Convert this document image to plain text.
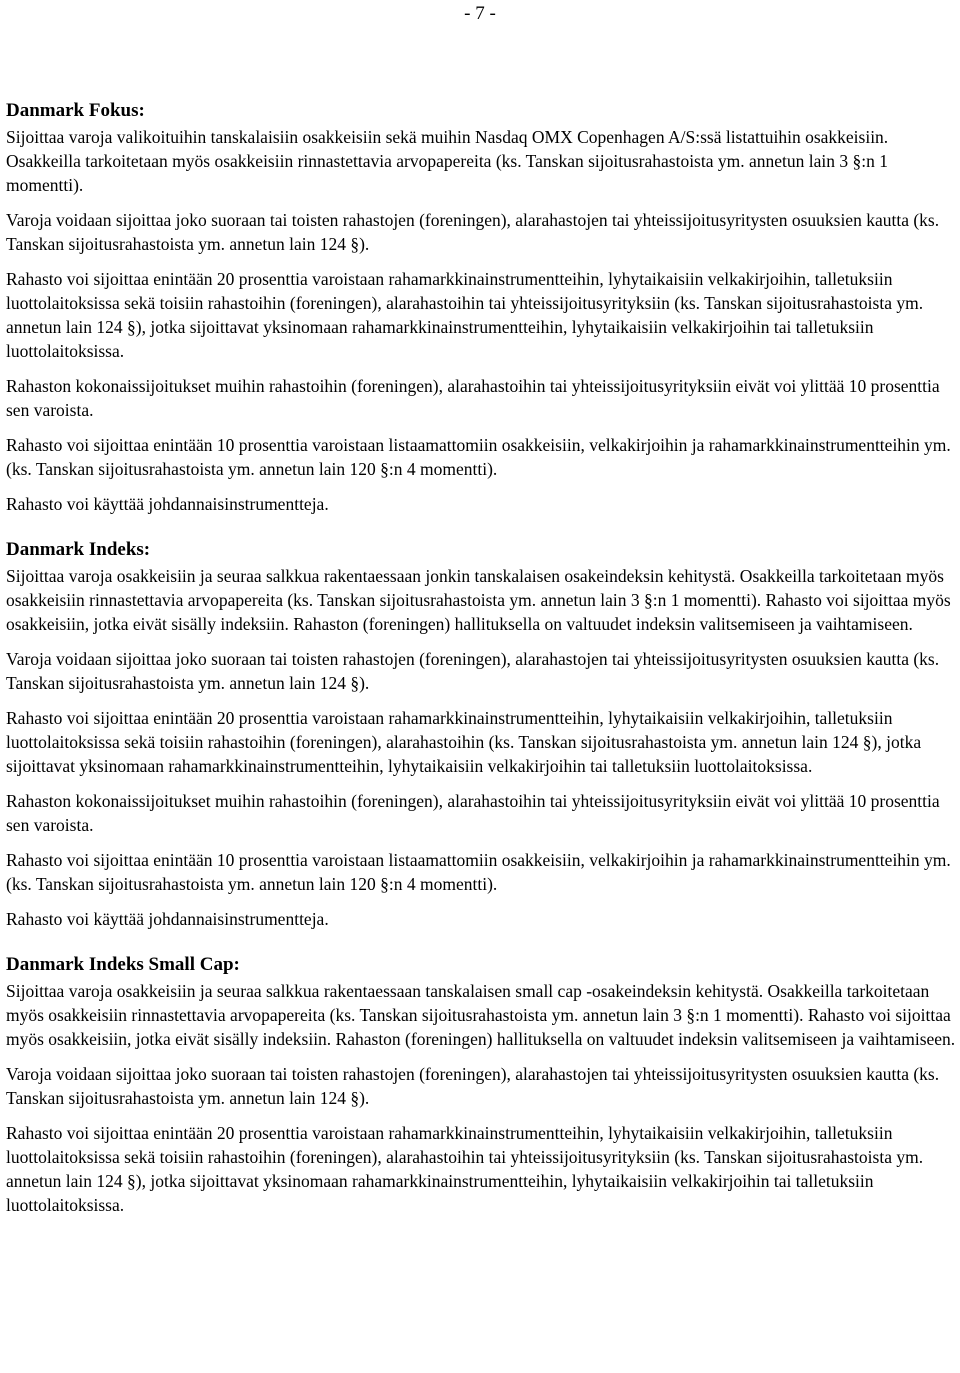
- 7 -
Danmark Fokus:

Sijoittaa varoja valikoituihin tanskalaisiin osakkeisiin sekä muihin Nasdaq OMX Copenhagen A/S:ssä listattuihin osakkeisiin. Osakkeilla tarkoitetaan myös osakkeisiin rinnastettavia arvopapereita (ks. Tanskan sijoitusrahastoista ym. annetun lain 3 §:n 1 momentti).

Varoja voidaan sijoittaa joko suoraan tai toisten rahastojen (foreningen), alarahastojen tai yhteissijoitusyritysten osuuksien kautta (ks. Tanskan sijoitusrahastoista ym. annetun lain 124 §).

Rahasto voi sijoittaa enintään 20 prosenttia varoistaan rahamarkkinainstrumentteihin, lyhytaikaisiin velkakirjoihin, talletuksiin luottolaitoksissa sekä toisiin rahastoihin (foreningen), alarahastoihin tai yhteissijoitusyrityksiin (ks. Tanskan sijoitusrahastoista ym. annetun lain 124 §), jotka sijoittavat yksinomaan rahamarkkinainstrumentteihin, lyhytaikaisiin velkakirjoihin tai talletuksiin luottolaitoksissa.

Rahaston kokonaissijoitukset muihin rahastoihin (foreningen), alarahastoihin tai yhteissijoitusyrityksiin eivät voi ylittää 10 prosenttia sen varoista.

Rahasto voi sijoittaa enintään 10 prosenttia varoistaan listaamattomiin osakkeisiin, velkakirjoihin ja rahamarkkinainstrumentteihin ym. (ks. Tanskan sijoitusrahastoista ym. annetun lain 120 §:n 4 momentti).

Rahasto voi käyttää johdannaisinstrumentteja.

Danmark Indeks:

Sijoittaa varoja osakkeisiin ja seuraa salkkua rakentaessaan jonkin tanskalaisen osakeindeksin kehitystä. Osakkeilla tarkoitetaan myös osakkeisiin rinnastettavia arvopapereita (ks. Tanskan sijoitusrahastoista ym. annetun lain 3 §:n 1 momentti). Rahasto voi sijoittaa myös osakkeisiin, jotka eivät sisälly indeksiin. Rahaston (foreningen) hallituksella on valtuudet indeksin valitsemiseen ja vaihtamiseen.

Varoja voidaan sijoittaa joko suoraan tai toisten rahastojen (foreningen), alarahastojen tai yhteissijoitusyritysten osuuksien kautta (ks. Tanskan sijoitusrahastoista ym. annetun lain 124 §).

Rahasto voi sijoittaa enintään 20 prosenttia varoistaan rahamarkkinainstrumentteihin, lyhytaikaisiin velkakirjoihin, talletuksiin luottolaitoksissa sekä toisiin rahastoihin (foreningen), alarahastoihin (ks. Tanskan sijoitusrahastoista ym. annetun lain 124 §), jotka sijoittavat yksinomaan rahamarkkinainstrumentteihin, lyhytaikaisiin velkakirjoihin tai talletuksiin luottolaitoksissa.

Rahaston kokonaissijoitukset muihin rahastoihin (foreningen), alarahastoihin tai yhteissijoitusyrityksiin eivät voi ylittää 10 prosenttia sen varoista.

Rahasto voi sijoittaa enintään 10 prosenttia varoistaan listaamattomiin osakkeisiin, velkakirjoihin ja rahamarkkinainstrumentteihin ym. (ks. Tanskan sijoitusrahastoista ym. annetun lain 120 §:n 4 momentti).

Rahasto voi käyttää johdannaisinstrumentteja.

Danmark Indeks Small Cap:

Sijoittaa varoja osakkeisiin ja seuraa salkkua rakentaessaan tanskalaisen small cap -osakeindeksin kehitystä. Osakkeilla tarkoitetaan myös osakkeisiin rinnastettavia arvopapereita (ks. Tanskan sijoitusrahastoista ym. annetun lain 3 §:n 1 momentti). Rahasto voi sijoittaa myös osakkeisiin, jotka eivät sisälly indeksiin. Rahaston (foreningen) hallituksella on valtuudet indeksin valitsemiseen ja vaihtamiseen.

Varoja voidaan sijoittaa joko suoraan tai toisten rahastojen (foreningen), alarahastojen tai yhteissijoitusyritysten osuuksien kautta (ks. Tanskan sijoitusrahastoista ym. annetun lain 124 §).

Rahasto voi sijoittaa enintään 20 prosenttia varoistaan rahamarkkinainstrumentteihin, lyhytaikaisiin velkakirjoihin, talletuksiin luottolaitoksissa sekä toisiin rahastoihin (foreningen), alarahastoihin tai yhteissijoitusyrityksiin (ks. Tanskan sijoitusrahastoista ym. annetun lain 124 §), jotka sijoittavat yksinomaan rahamarkkinainstrumentteihin, lyhytaikaisiin velkakirjoihin tai talletuksiin luottolaitoksissa.
